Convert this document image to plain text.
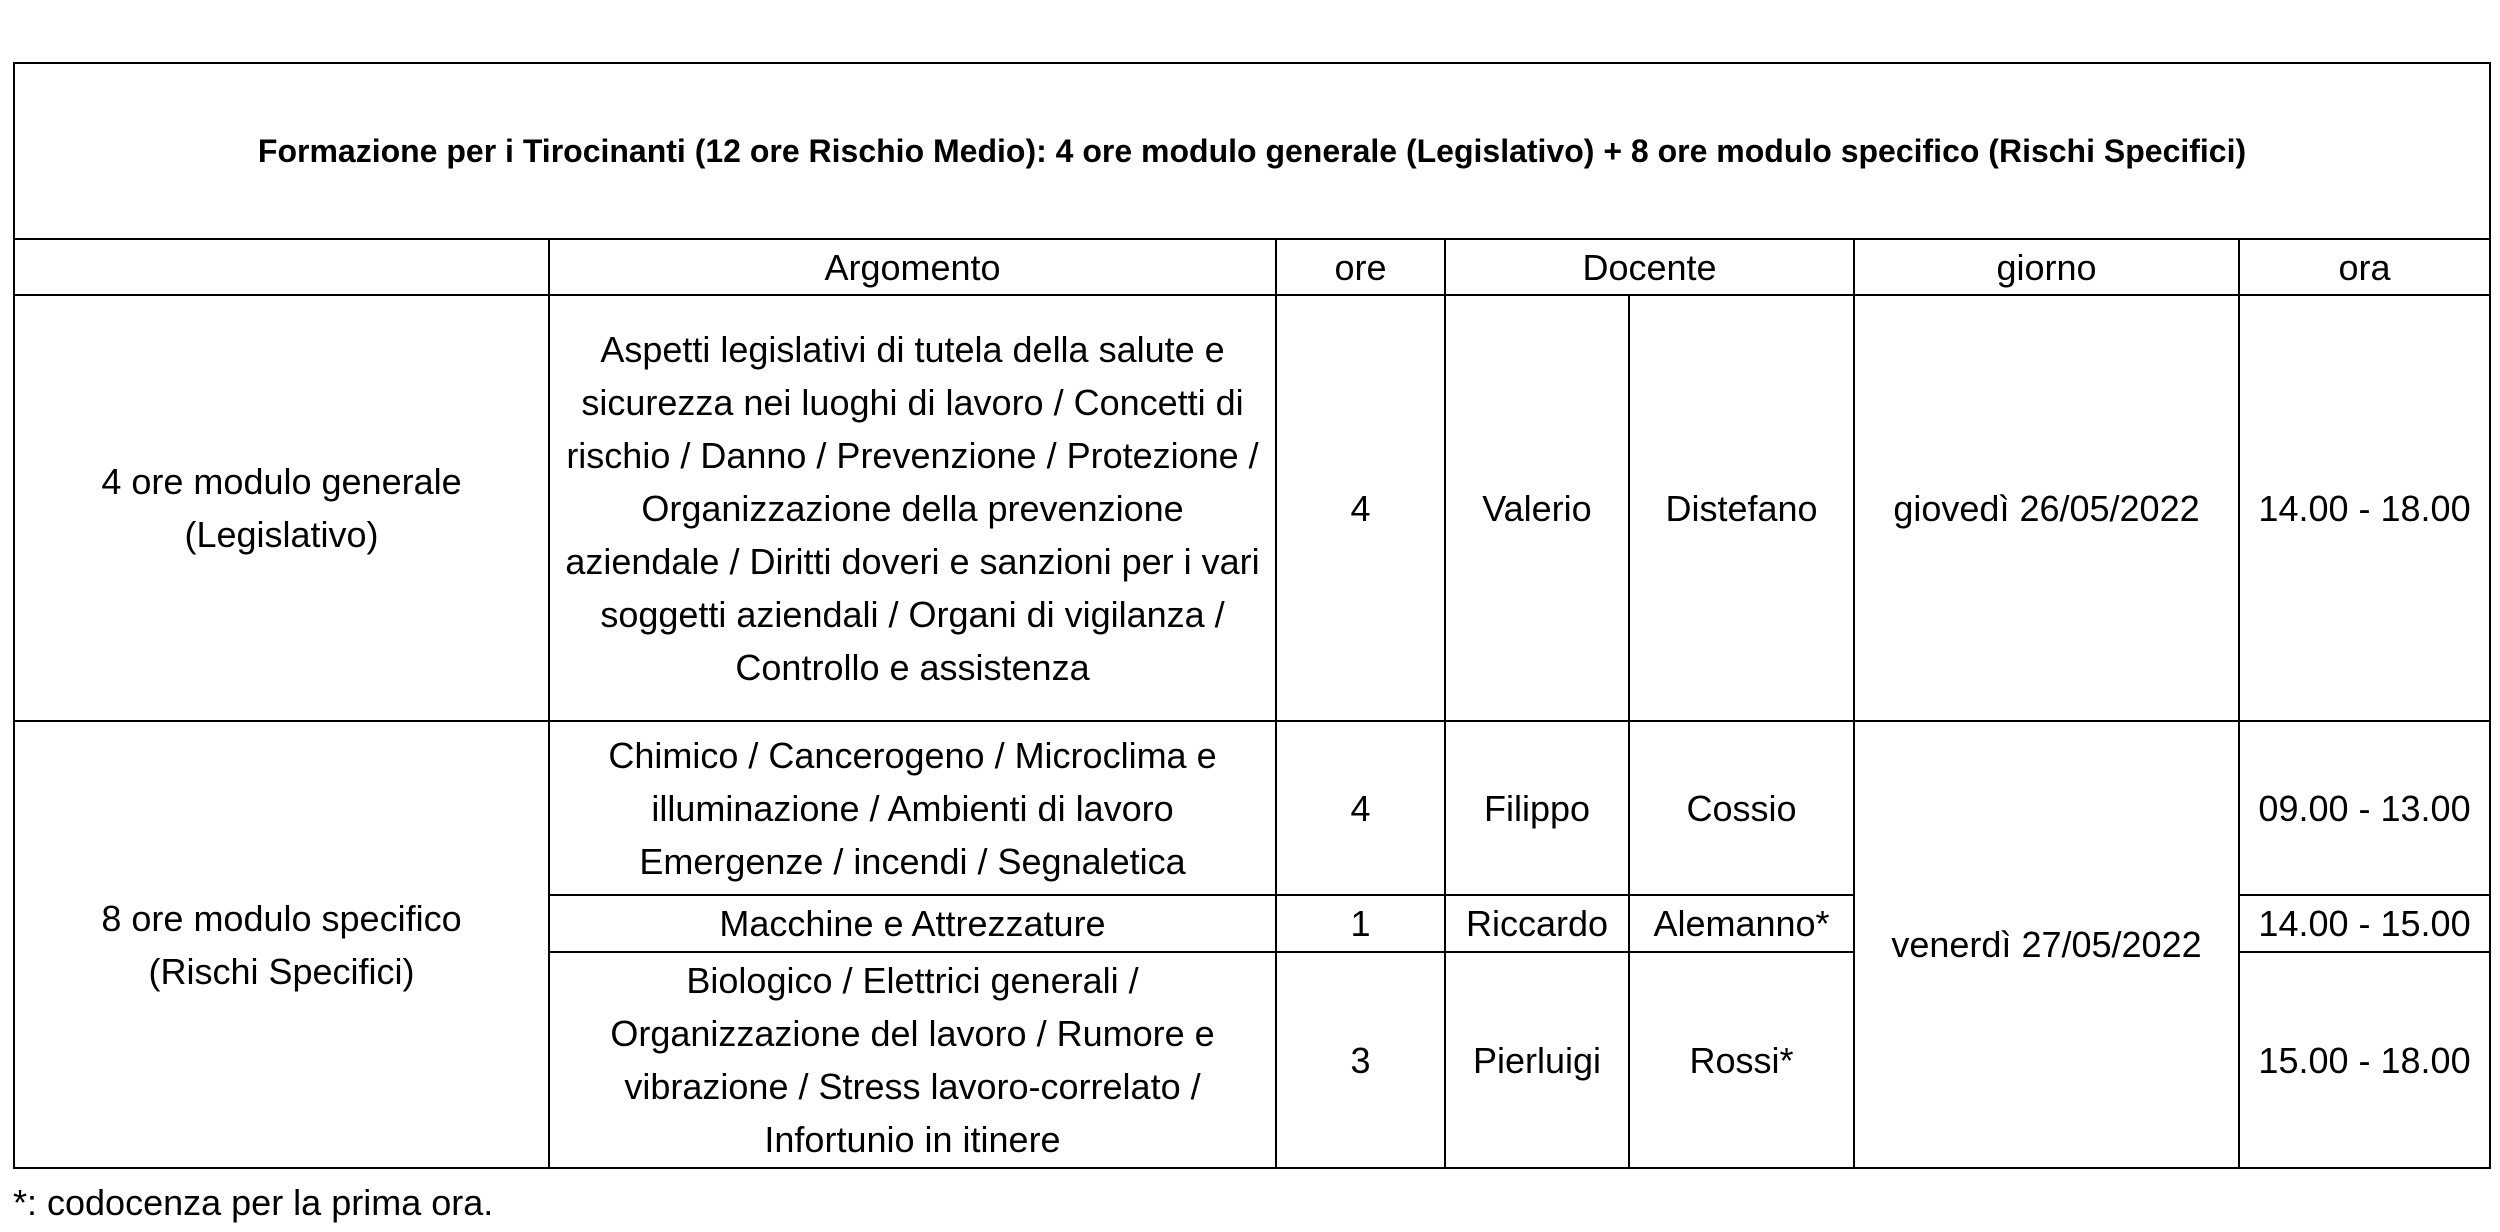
Formazione per i Tirocinanti (12 ore Rischio Medio): 4 ore modulo generale (Legislativo) + 8 ore modulo specifico (Rischi Specifici)						
	Argomento	ore	Docente		giorno	ora
4 ore modulo generale (Legislativo)	Aspetti legislativi di tutela della salute e sicurezza nei luoghi di lavoro / Concetti di rischio / Danno / Prevenzione / Protezione / Organizzazione della prevenzione aziendale / Diritti doveri e sanzioni per i vari soggetti aziendali / Organi di vigilanza / Controllo e assistenza	4	Valerio	Distefano	giovedì 26/05/2022	14.00 - 18.00
8 ore modulo specifico (Rischi Specifici)	Chimico / Cancerogeno / Microclima e illuminazione / Ambienti di lavoro Emergenze / incendi / Segnaletica	4	Filippo	Cossio	venerdì 27/05/2022	09.00 - 13.00
	Macchine e Attrezzature	1	Riccardo	Alemanno*		14.00 - 15.00
	Biologico / Elettrici generali / Organizzazione del lavoro / Rumore e vibrazione / Stress lavoro-correlato / Infortunio in itinere	3	Pierluigi	Rossi*		15.00 - 18.00
*: codocenza per la prima ora.
